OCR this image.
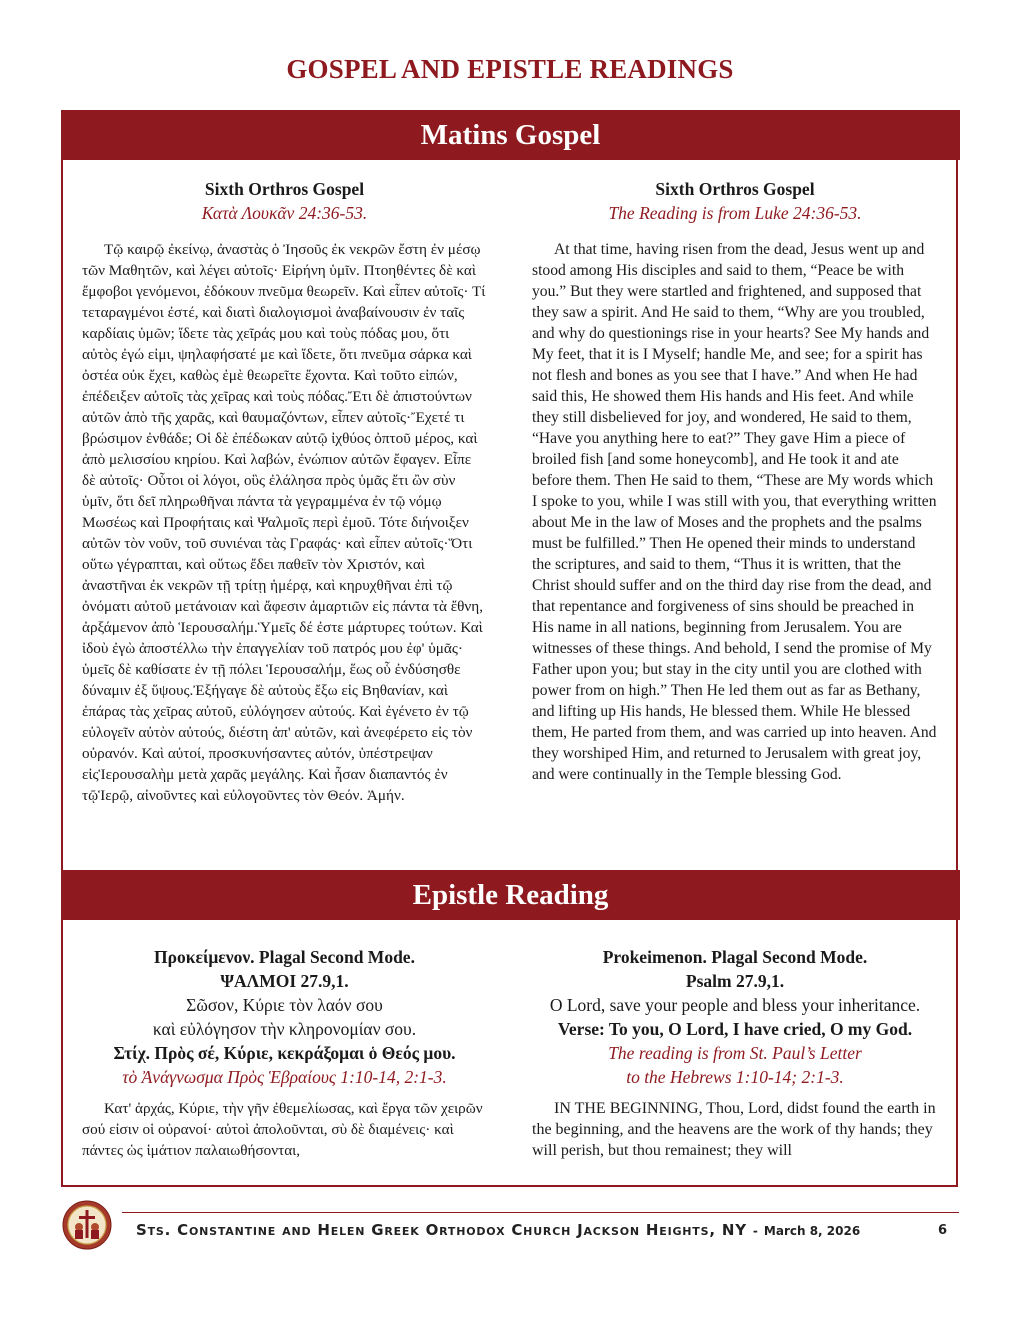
GOSPEL AND EPISTLE READINGS
Matins Gospel
Sixth Orthros Gospel
Κατὰ Λουκᾶν 24:36-53.
Τῷ καιρῷ ἐκείνῳ, ἀναστὰς ὁ Ἰησοῦς ἐκ νεκρῶν ἔστη ἐν μέσῳ τῶν Μαθητῶν, καὶ λέγει αὐτοῖς· Εἰρήνη ὑμῖν. Πτοηθέντες δὲ καὶ ἔμφοβοι γενόμενοι, ἐδόκουν πνεῦμα θεωρεῖν. Καὶ εἶπεν αὐτοῖς· Τί τεταραγμένοι ἐστέ, καὶ διατὶ διαλογισμοὶ ἀναβαίνουσιν ἐν ταῖς καρδίαις ὑμῶν; ἴδετε τὰς χεῖράς μου καὶ τοὺς πόδας μου, ὅτι αὐτὸς ἐγώ εἰμι, ψηλαφήσατέ με καὶ ἴδετε, ὅτι πνεῦμα σάρκα καὶ ὀστέα οὐκ ἔχει, καθὼς ἐμὲ θεωρεῖτε ἔχοντα. Καὶ τοῦτο εἰπών, ἐπέδειξεν αὐτοῖς τὰς χεῖρας καὶ τοὺς πόδας.Ἔτι δὲ ἀπιστούντων αὐτῶν ἀπὸ τῆς χαρᾶς, καὶ θαυμαζόντων, εἶπεν αὐτοῖς·Ἔχετέ τι βρώσιμον ἐνθάδε; Οἱ δὲ ἐπέδωκαν αὐτῷ ἰχθύος ὀπτοῦ μέρος, καὶ ἀπὸ μελισσίου κηρίου. Καὶ λαβών, ἐνώπιον αὐτῶν ἔφαγεν. Εἶπε δὲ αὐτοῖς· Οὗτοι οἱ λόγοι, οὓς ἐλάλησα πρὸς ὑμᾶς ἔτι ὢν σὺν ὑμῖν, ὅτι δεῖ πληρωθῆναι πάντα τὰ γεγραμμένα ἐν τῷ νόμῳ Μωσέως καὶ Προφήταις καὶ Ψαλμοῖς περὶ ἐμοῦ. Τότε διήνοιξεν αὐτῶν τὸν νοῦν, τοῦ συνιέναι τὰς Γραφάς· καὶ εἶπεν αὐτοῖς·Ὅτι οὕτω γέγραπται, καὶ οὕτως ἔδει παθεῖν τὸν Χριστόν, καὶ ἀναστῆναι ἐκ νεκρῶν τῇ τρίτῃ ἡμέρᾳ, καὶ κηρυχθῆναι ἐπὶ τῷ ὀνόματι αὐτοῦ μετάνοιαν καὶ ἄφεσιν ἁμαρτιῶν εἰς πάντα τὰ ἔθνη, ἀρξάμενον ἀπὸ Ἱερουσαλήμ.Ὑμεῖς δέ ἐστε μάρτυρες τούτων. Καὶ ἰδοὺ ἐγὼ ἀποστέλλω τὴν ἐπαγγελίαν τοῦ πατρός μου ἐφ' ὑμᾶς· ὑμεῖς δὲ καθίσατε ἐν τῇ πόλει Ἱερουσαλήμ, ἕως οὗ ἐνδύσησθε δύναμιν ἐξ ὕψους.Ἐξήγαγε δὲ αὐτοὺς ἔξω εἰς Βηθανίαν, καὶ ἐπάρας τὰς χεῖρας αὐτοῦ, εὐλόγησεν αὐτούς. Καὶ ἐγένετο ἐν τῷ εὐλογεῖν αὐτὸν αὐτούς, διέστη ἀπ' αὐτῶν, καὶ ἀνεφέρετο εἰς τὸν οὐρανόν. Καὶ αὐτοί, προσκυνήσαντες αὐτόν, ὑπέστρεψαν εἰςἹερουσαλὴμ μετὰ χαρᾶς μεγάλης. Καὶ ἦσαν διαπαντός ἐν τῷἹερῷ, αἰνοῦντες καὶ εὐλογοῦντες τὸν Θεόν. Ἀμήν.
Sixth Orthros Gospel
The Reading is from Luke 24:36-53.
At that time, having risen from the dead, Jesus went up and stood among His disciples and said to them, “Peace be with you.” But they were startled and frightened, and supposed that they saw a spirit. And He said to them, “Why are you troubled, and why do questionings rise in your hearts? See My hands and My feet, that it is I Myself; handle Me, and see; for a spirit has not flesh and bones as you see that I have.” And when He had said this, He showed them His hands and His feet. And while they still disbelieved for joy, and wondered, He said to them, “Have you anything here to eat?” They gave Him a piece of broiled fish [and some honeycomb], and He took it and ate before them. Then He said to them, “These are My words which I spoke to you, while I was still with you, that everything written about Me in the law of Moses and the prophets and the psalms must be fulfilled.” Then He opened their minds to understand the scriptures, and said to them, “Thus it is written, that the Christ should suffer and on the third day rise from the dead, and that repentance and forgiveness of sins should be preached in His name in all nations, beginning from Jerusalem. You are witnesses of these things. And behold, I send the promise of My Father upon you; but stay in the city until you are clothed with power from on high.” Then He led them out as far as Bethany, and lifting up His hands, He blessed them. While He blessed them, He parted from them, and was carried up into heaven. And they worshiped Him, and returned to Jerusalem with great joy, and were continually in the Temple blessing God.
Epistle Reading
Προκείμενον. Plagal Second Mode.
ΨΑΛΜΟΙ 27.9,1.
Σῶσον, Κύριε τὸν λαόν σου
καὶ εὐλόγησον τὴν κληρονομίαν σου.
Στίχ. Πρὸς σέ, Κύριε, κεκράξομαι ὁ Θεός μου.
τὸ Ἀνάγνωσμα Πρὸς Ἑβραίους 1:10-14, 2:1-3.
Prokeimenon. Plagal Second Mode.
Psalm 27.9,1.
O Lord, save your people and bless your inheritance.
Verse: To you, O Lord, I have cried, O my God.
The reading is from St. Paul’s Letter
to the Hebrews 1:10-14; 2:1-3.
Κατ' ἀρχάς, Κύριε, τὴν γῆν ἐθεμελίωσας, καὶ ἔργα τῶν χειρῶν σού εἰσιν οἱ οὐρανοί· αὐτοὶ ἀπολοῦνται, σὺ δὲ διαμένεις· καὶ πάντες ὡς ἱμάτιον παλαιωθήσονται,
IN THE BEGINNING, Thou, Lord, didst found the earth in the beginning, and the heavens are the work of thy hands; they will perish, but thou remainest; they will
Sts. Constantine and Helen Greek Orthodox Church Jackson Heights, NY - March 8, 2026	6
